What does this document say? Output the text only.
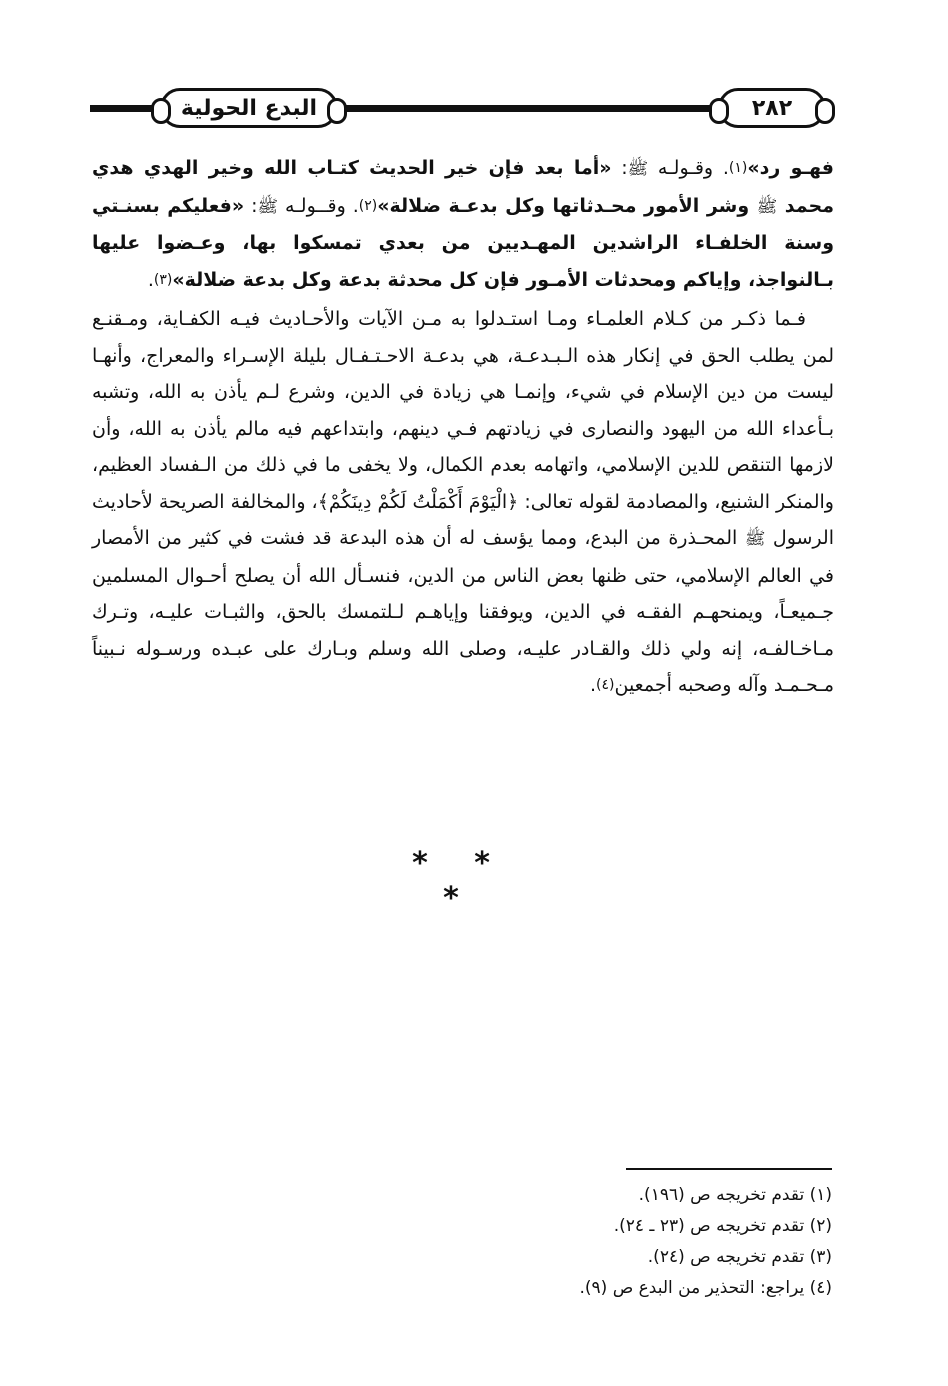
البدع الحولية	٢٨٢

فهـو رد»(١). وقـولـه ﷺ: «أما بعد فإن خير الحديث كتـاب الله وخير الهدي هدي محمد ﷺ وشر الأمور محـدثاتها وكل بدعـة ضلالة»(٢). وقــولـه ﷺ: «فعليكم بسنـتي وسنة الخلفـاء الراشدين المهـديين من بعدي تمسكوا بها، وعـضوا عليها بـالنواجذ، وإياكم ومحدثات الأمـور فإن كل محدثة بدعة وكل بدعة ضلالة»(٣).

فـما ذكـر من كـلام العلمـاء ومـا استـدلوا به مـن الآيات والأحـاديث فيـه الكفـاية، ومـقنـع لمن يطلب الحق في إنكار هذه الـبـدعـة، هي بدعـة الاحـتـفـال بليلة الإسـراء والمعراج، وأنهـا ليست من دين الإسلام في شيء، وإنمـا هي زيادة في الدين، وشرع لـم يأذن به الله، وتشبه بـأعداء الله من اليهود والنصارى في زيادتهم فـي دينهم، وابتداعهم فيه مالم يأذن به الله، وأن لازمها التنقص للدين الإسلامي، واتهامه بعدم الكمال، ولا يخفى ما في ذلك من الـفساد العظيم، والمنكر الشنيع، والمصادمة لقوله تعالى: ﴿الْيَوْمَ أَكْمَلْتُ لَكُمْ دِينَكُمْ﴾، والمخالفة الصريحة لأحاديث الرسول ﷺ المحـذرة من البدع، ومما يؤسف له أن هذه البدعة قد فشت في كثير من الأمصار في العالم الإسلامي، حتى ظنها بعض الناس من الدين، فنسـأل الله أن يصلح أحـوال المسلمين جـميعـاً، ويمنحهـم الفقـه في الدين، ويوفقنا وإياهـم لـلتمسك بالحق، والثبـات عليـه، وتـرك مـاخـالفـه، إنه ولي ذلك والقـادر عليـه، وصلى الله وسلم وبـارك على عبـده ورسـوله نـبيناً مـحـمـد وآله وصحبه أجمعين(٤).

* * *
(١) تقدم تخريجه ص (١٩٦).
(٢) تقدم تخريجه ص (٢٣ ـ ٢٤).
(٣) تقدم تخريجه ص (٢٤).
(٤) يراجع: التحذير من البدع ص (٩).
